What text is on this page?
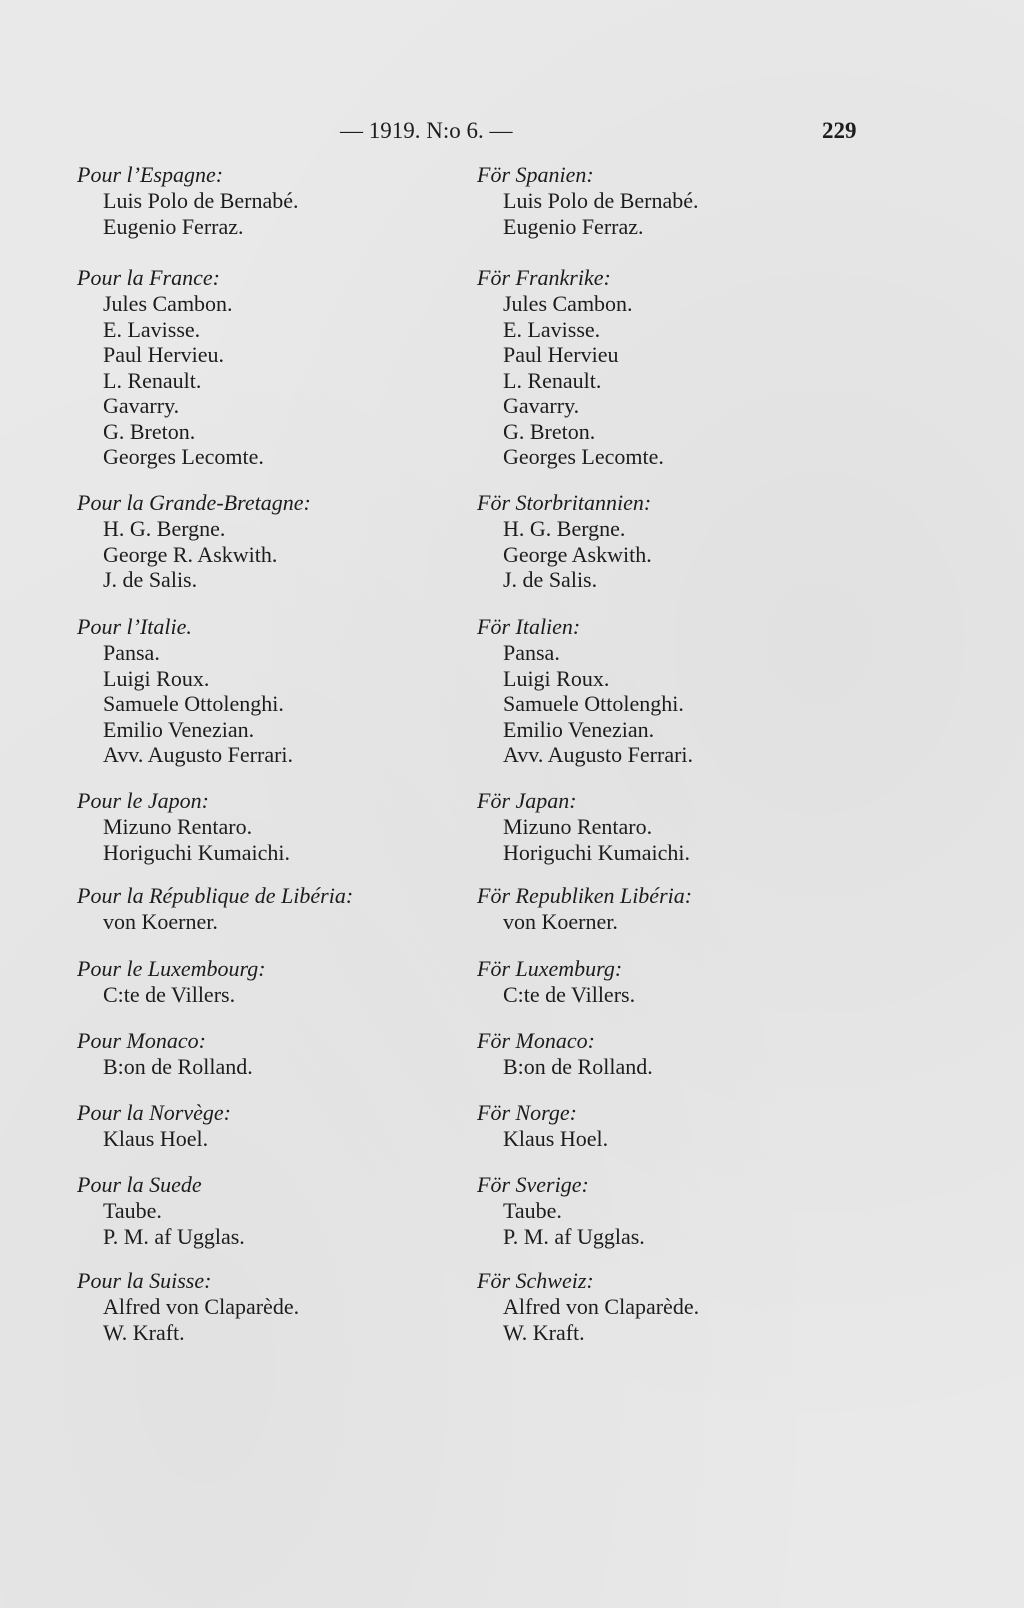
— 1919. N:o 6. —	229
Pour l’Espagne:
Luis Polo de Bernabé.
Eugenio Ferraz.
Pour la France:
Jules Cambon.
E. Lavisse.
Paul Hervieu.
L. Renault.
Gavarry.
G. Breton.
Georges Lecomte.
Pour la Grande-Bretagne:
H. G. Bergne.
George R. Askwith.
J. de Salis.
Pour l’Italie.
Pansa.
Luigi Roux.
Samuele Ottolenghi.
Emilio Venezian.
Avv. Augusto Ferrari.
Pour le Japon:
Mizuno Rentaro.
Horiguchi Kumaichi.
Pour la République de Libéria:
von Koerner.
Pour le Luxembourg:
C:te de Villers.
Pour Monaco:
B:on de Rolland.
Pour la Norvège:
Klaus Hoel.
Pour la Suede
Taube.
P. M. af Ugglas.
Pour la Suisse:
Alfred von Claparède.
W. Kraft.
För Spanien:
Luis Polo de Bernabé.
Eugenio Ferraz.
För Frankrike:
Jules Cambon.
E. Lavisse.
Paul Hervieu
L. Renault.
Gavarry.
G. Breton.
Georges Lecomte.
För Storbritannien:
H. G. Bergne.
George Askwith.
J. de Salis.
För Italien:
Pansa.
Luigi Roux.
Samuele Ottolenghi.
Emilio Venezian.
Avv. Augusto Ferrari.
För Japan:
Mizuno Rentaro.
Horiguchi Kumaichi.
För Republiken Libéria:
von Koerner.
För Luxemburg:
C:te de Villers.
För Monaco:
B:on de Rolland.
För Norge:
Klaus Hoel.
För Sverige:
Taube.
P. M. af Ugglas.
För Schweiz:
Alfred von Claparède.
W. Kraft.
